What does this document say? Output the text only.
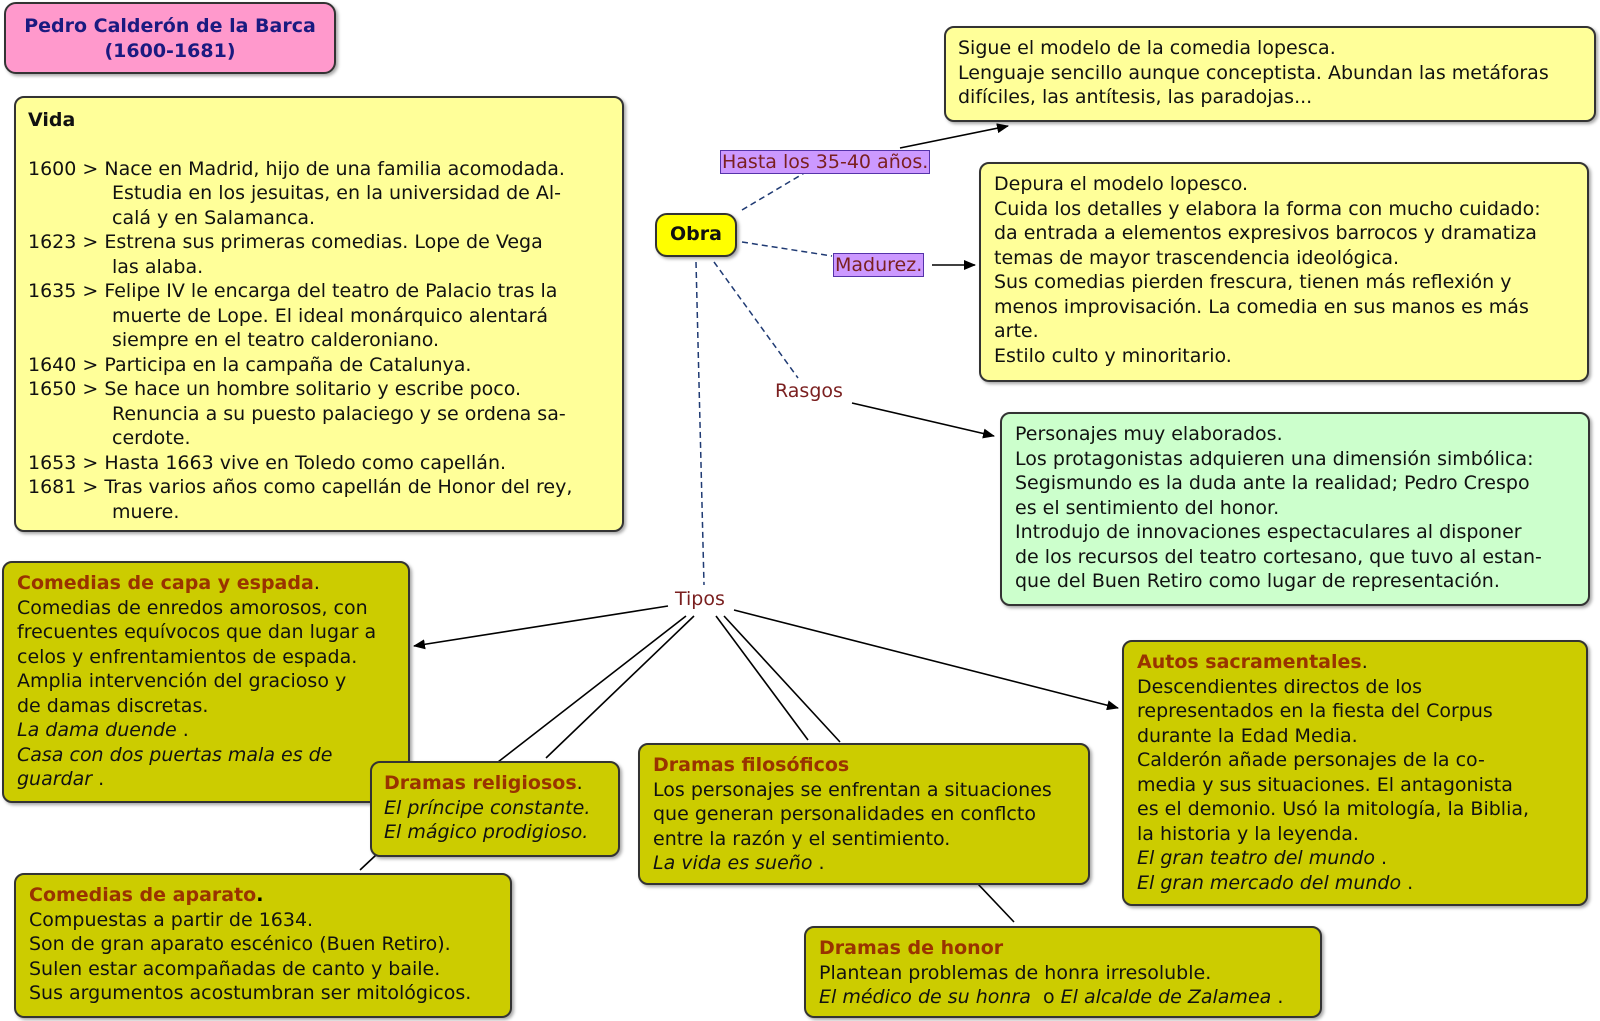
Pedro Calderón de la Barca
(1600-1681)
Vida
1600 > Nace en Madrid, hijo de una familia acomodada.
Estudia en los jesuitas, en la universidad de Al-
calá y en Salamanca.
1623 > Estrena sus primeras comedias. Lope de Vega
las alaba.
1635 > Felipe IV le encarga del teatro de Palacio tras la
muerte de Lope. El ideal monárquico alentará
siempre en el teatro calderoniano.
1640 > Participa en la campaña de Catalunya.
1650 > Se hace un hombre solitario y escribe poco.
Renuncia a su puesto palaciego y se ordena sa-
cerdote.
1653 > Hasta 1663 vive en Toledo como capellán.
1681 > Tras varios años como capellán de Honor del rey,
muere.
Obra
Hasta los 35-40 años.
Madurez.
Rasgos
Tipos
Sigue el modelo de la comedia lopesca.
Lenguaje sencillo aunque conceptista. Abundan las metáforas
difíciles, las antítesis, las paradojas...
Depura el modelo lopesco.
Cuida los detalles y elabora la forma con mucho cuidado:
da entrada a elementos expresivos barrocos y dramatiza
temas de mayor trascendencia ideológica.
Sus comedias pierden frescura, tienen más reflexión y
menos improvisación. La comedia en sus manos es más
arte.
Estilo culto y minoritario.
Personajes muy elaborados.
Los protagonistas adquieren una dimensión simbólica:
Segismundo es la duda ante la realidad; Pedro Crespo
es el sentimiento del honor.
Introdujo de innovaciones espectaculares al disponer
de los recursos del teatro cortesano, que tuvo al estan-
que del Buen Retiro como lugar de representación.
Comedias de capa y espada.
Comedias de enredos amorosos, con
frecuentes equívocos que dan lugar a
celos y enfrentamientos de espada.
Amplia intervención del gracioso y
de damas discretas.
La dama duende .
Casa con dos puertas mala es de
guardar .	Dramas religiosos.
El príncipe constante.
El mágico prodigioso.
Dramas filosóficos
Los personajes se enfrentan a situaciones
que generan personalidades en conflcto
entre la razón y el sentimiento.
La vida es sueño .
Autos sacramentales.
Descendientes directos de los
representados en la fiesta del Corpus
durante la Edad Media.
Calderón añade personajes de la co-
media y sus situaciones. El antagonista
es el demonio. Usó la mitología, la Biblia,
la historia y la leyenda.
El gran teatro del mundo .
El gran mercado del mundo .
Comedias de aparato.
Compuestas a partir de 1634.
Son de gran aparato escénico (Buen Retiro).
Sulen estar acompañadas de canto y baile.
Sus argumentos acostumbran ser mitológicos.
Dramas de honor
Plantean problemas de honra irresoluble.
El médico de su honra  o El alcalde de Zalamea .
